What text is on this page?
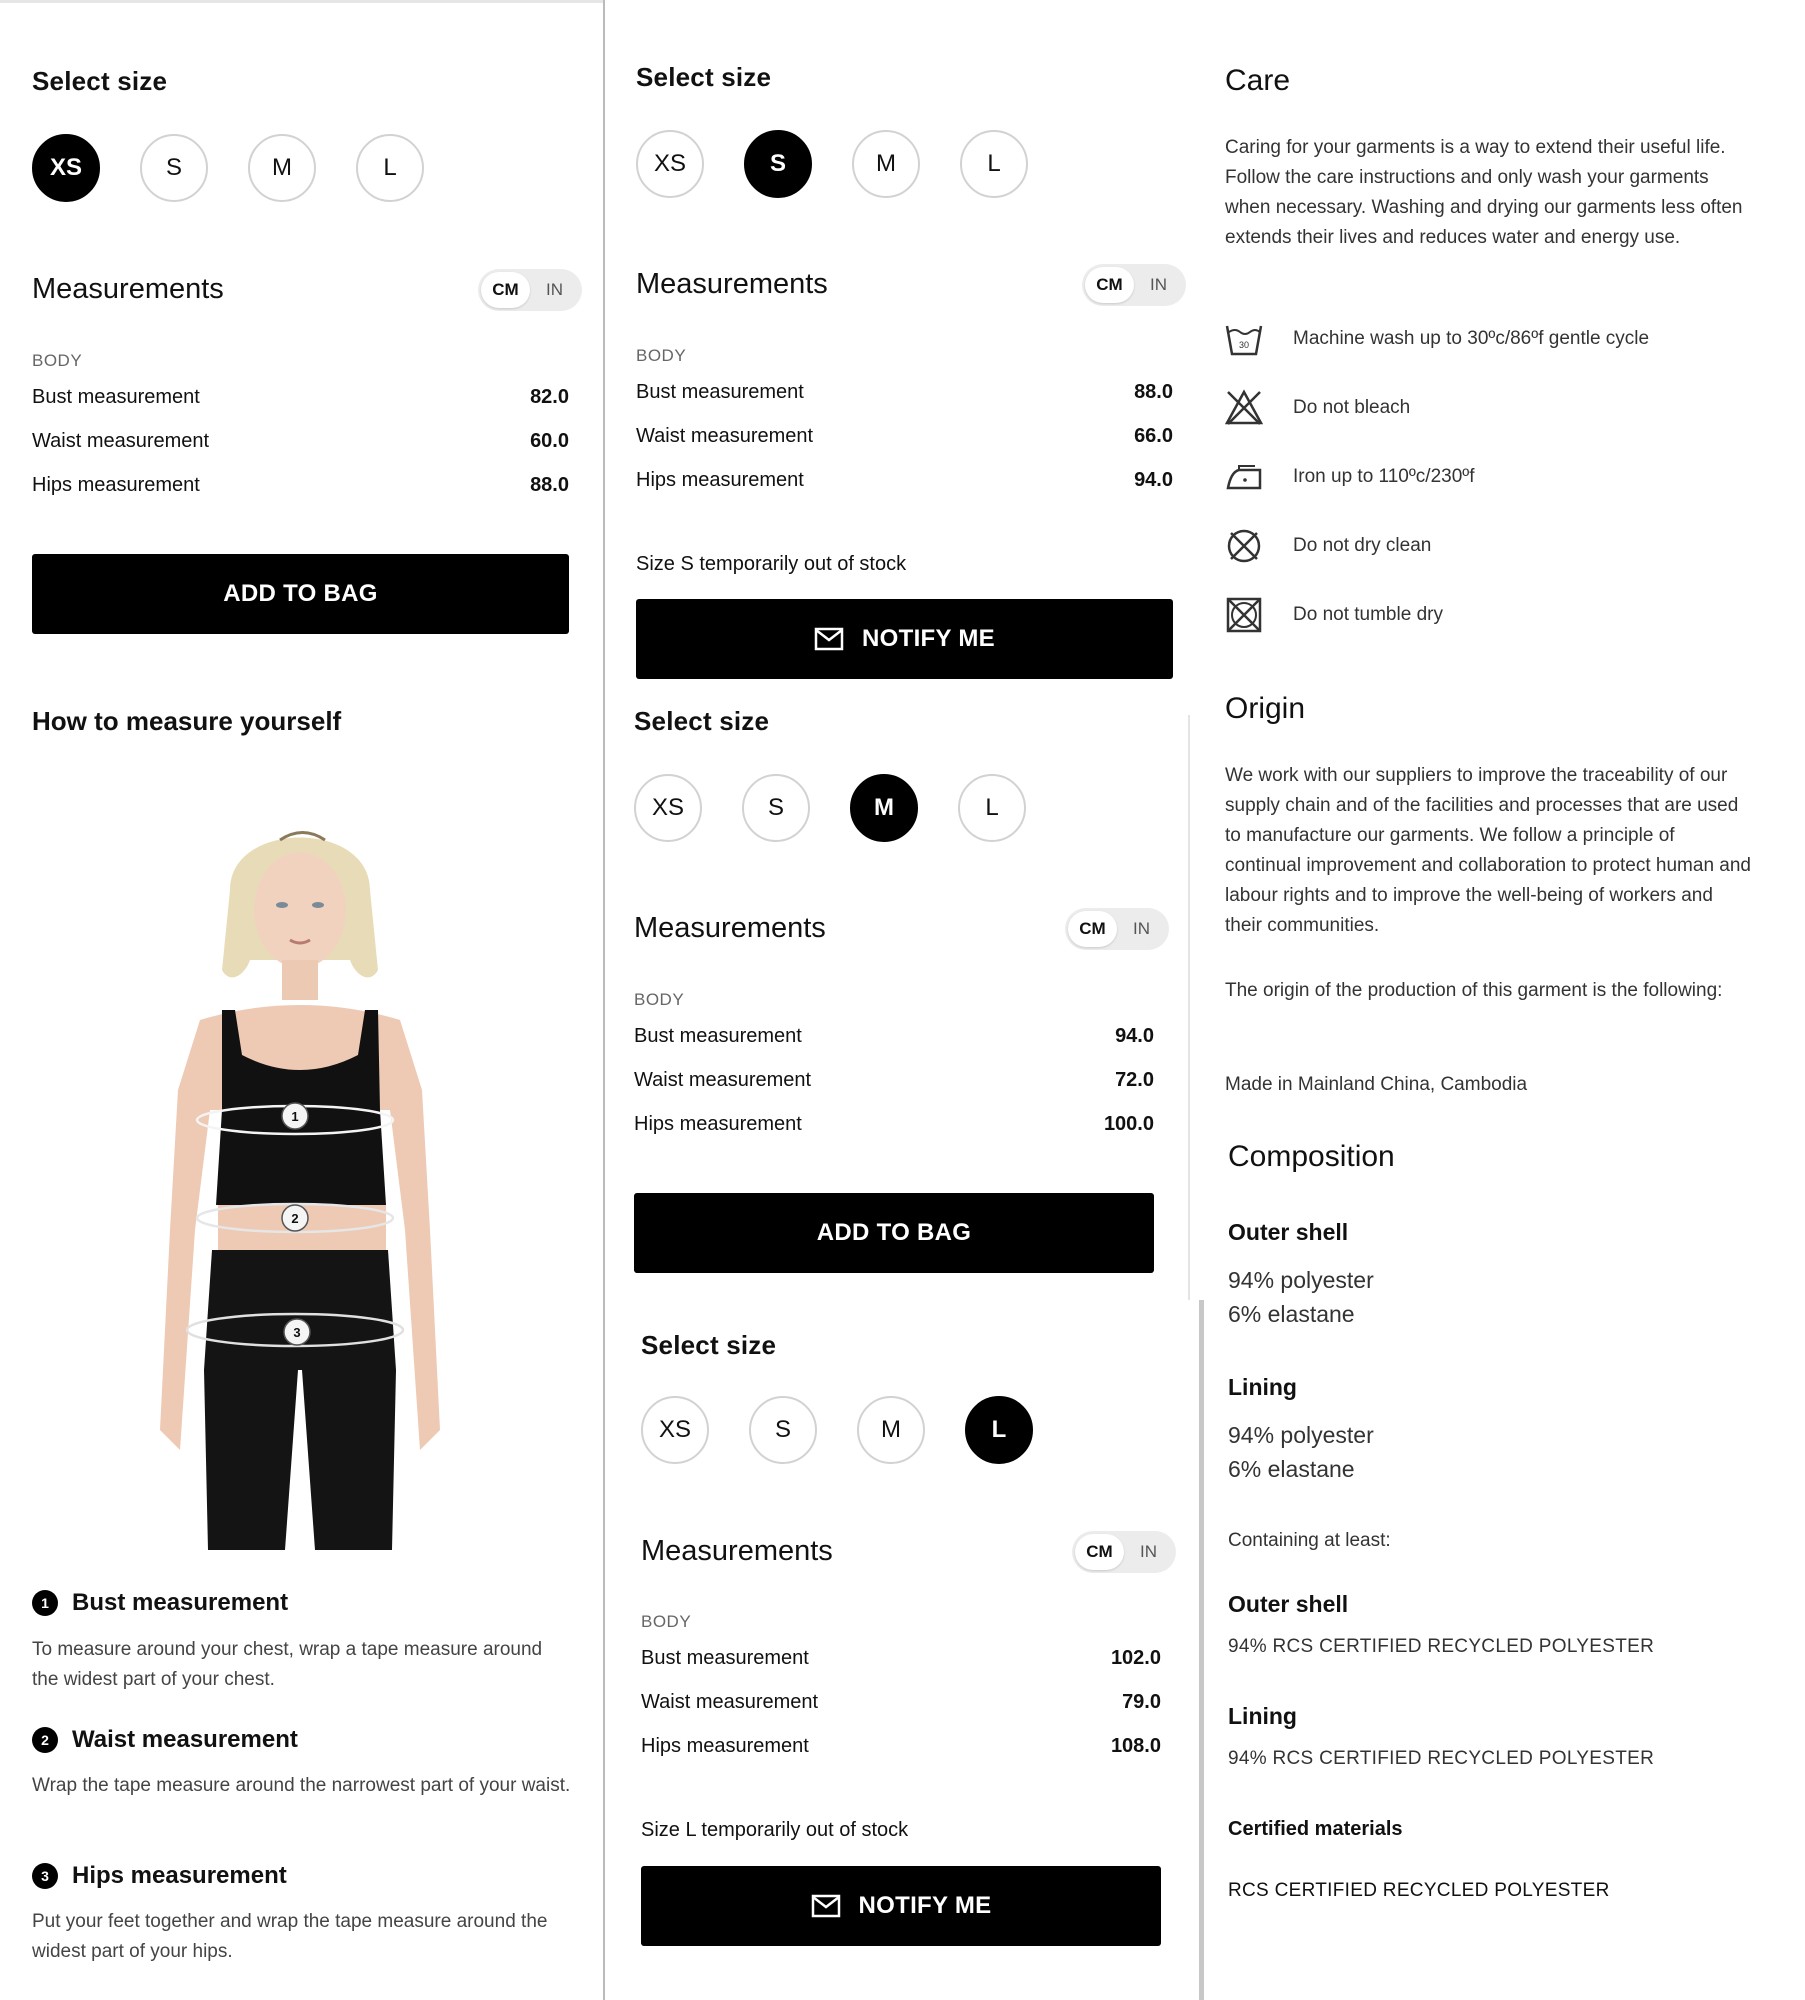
Select size
XS	S	M	L
Measurements	CM	IN
BODY
Bust measurement	82.0
Waist measurement	60.0
Hips measurement	88.0
ADD TO BAG
How to measure yourself
1
2
3
1 Bust measurement
To measure around your chest, wrap a tape measure around the widest part of your chest.
2 Waist measurement
Wrap the tape measure around the narrowest part of your waist.
3 Hips measurement
Put your feet together and wrap the tape measure around the widest part of your hips.
Select size
XS	S	M	L
Measurements	CM	IN
BODY
Bust measurement	88.0
Waist measurement	66.0
Hips measurement	94.0
Size S temporarily out of stock
NOTIFY ME
Select size
XS	S	M	L
Measurements	CM	IN
BODY
Bust measurement	94.0
Waist measurement	72.0
Hips measurement	100.0
ADD TO BAG
Select size
XS	S	M	L
Measurements	CM	IN
BODY
Bust measurement	102.0
Waist measurement	79.0
Hips measurement	108.0
Size L temporarily out of stock
NOTIFY ME
Care
Caring for your garments is a way to extend their useful life. Follow the care instructions and only wash your garments when necessary. Washing and drying our garments less often extends their lives and reduces water and energy use.
30 Machine wash up to 30ºc/86ºf gentle cycle
Do not bleach
Iron up to 110ºc/230ºf
Do not dry clean
Do not tumble dry
Origin
We work with our suppliers to improve the traceability of our supply chain and of the facilities and processes that are used to manufacture our garments. We follow a principle of continual improvement and collaboration to protect human and labour rights and to improve the well-being of workers and their communities.
The origin of the production of this garment is the following:
Made in Mainland China, Cambodia
Composition
Outer shell
94% polyester
6% elastane
Lining
94% polyester
6% elastane
Containing at least:
Outer shell
94% RCS CERTIFIED RECYCLED POLYESTER
Lining
94% RCS CERTIFIED RECYCLED POLYESTER
Certified materials
RCS CERTIFIED RECYCLED POLYESTER
